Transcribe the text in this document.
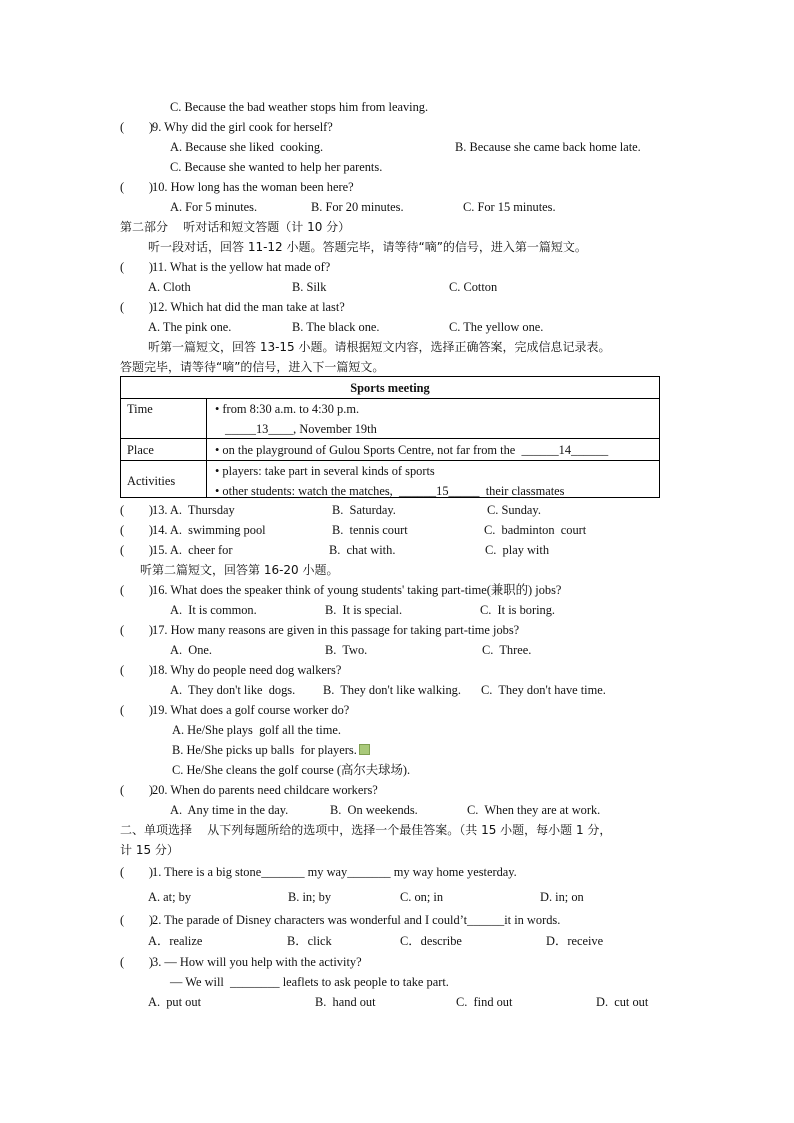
C. Because the bad weather stops him from leaving.
(        )
9. Why did the girl cook for herself?
A. Because she liked  cooking.	B. Because she came back home late.
C. Because she wanted to help her parents.
(        )
10. How long has the woman been here?
A. For 5 minutes.	B. For 20 minutes.	C. For 15 minutes.
第二部分    听对话和短文答题（计 10 分）
听一段对话，回答 11-12 小题。答题完毕，请等待“嘀”的信号，进入第一篇短文。
(        )
11. What is the yellow hat made of?
A. Cloth	B. Silk	C. Cotton
(        )
12. Which hat did the man take at last?
A. The pink one.	B. The black one.	C. The yellow one.
听第一篇短文，回答 13-15 小题。请根据短文内容，选择正确答案，完成信息记录表。
答题完毕，请等待“嘀”的信号，进入下一篇短文。
Sports meeting
Time	• from 8:30 a.m. to 4:30 p.m.
_____13____, November 19th
Place	• on the playground of Gulou Sports Centre, not far from the  ______14______
Activities
• players: take part in several kinds of sports
• other students: watch the matches,  ______15_____  their classmates
(        )
13. A.  Thursday	B.  Saturday.	C. Sunday.
(        )
14. A.  swimming pool	B.  tennis court	C.  badminton  court
(        )
15. A.  cheer for	B.  chat with.	C.  play with
听第二篇短文，回答第 16-20 小题。
(        )
16. What does the speaker think of young students' taking part-time(兼职的) jobs?
A.  It is common.	B.  It is special.	C.  It is boring.
(        )
17. How many reasons are given in this passage for taking part-time jobs?
A.  One.	B.  Two.	C.  Three.
(        )
18. Why do people need dog walkers?
A.  They don't like  dogs. B.  They don't like walking. C.  They don't have time.
(        )
19. What does a golf course worker do?
A. He/She plays  golf all the time.
B. He/She picks up balls  for players.
C. He/She cleans the golf course (高尔夫球场).
(        )
20. When do parents need childcare workers?
A.  Any time in the day.	B.  On weekends.	C.  When they are at work.
二、单项选择    从下列每题所给的选项中，选择一个最佳答案。（共 15 小题，每小题 1 分，
计 15 分）
(        )
1. There is a big stone_______ my way_______ my way home yesterday.
A. at; by	B. in; by	C. on; in	D. in; on
(        )
2. The parade of Disney characters was wonderful and I could’t______it in words.
A．realize	B．click	C．describe	D．receive
(        )
3. — How will you help with the activity?
— We will  ________ leaflets to ask people to take part.
A.  put out	B.  hand out	C.  find out	D.  cut out
